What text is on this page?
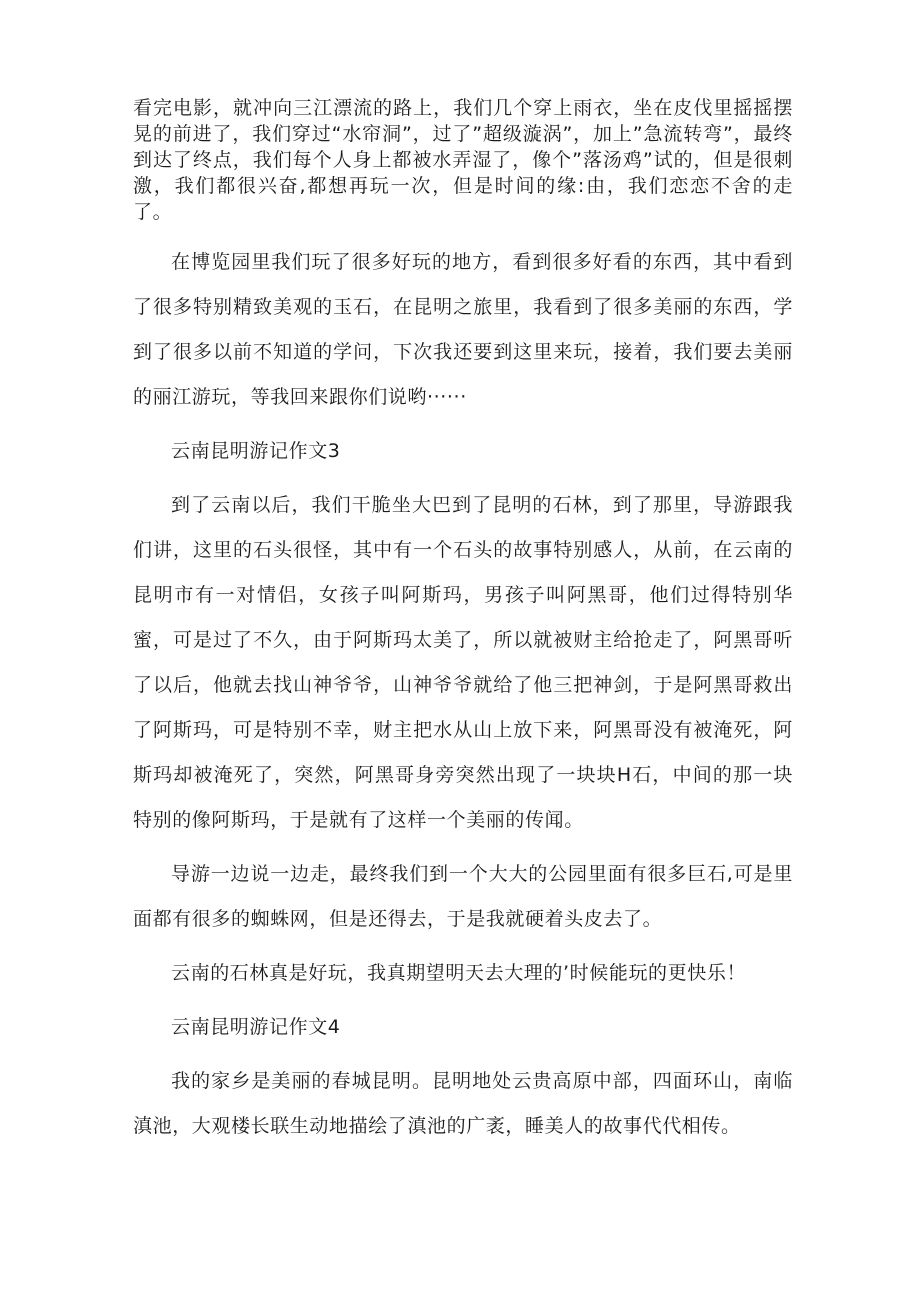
看完电影，就冲向三江漂流的路上，我们几个穿上雨衣，坐在皮伐里摇摇摆晃的前进了，我们穿过“水帘洞”，过了”超级漩涡”，加上”急流转弯”，最终到达了终点，我们每个人身上都被水弄湿了，像个”落汤鸡”试的，但是很刺激，我们都很兴奋,都想再玩一次，但是时间的缘:由，我们恋恋不舍的走了。

在博览园里我们玩了很多好玩的地方，看到很多好看的东西，其中看到了很多特别精致美观的玉石，在昆明之旅里，我看到了很多美丽的东西，学到了很多以前不知道的学问，下次我还要到这里来玩，接着，我们要去美丽的丽江游玩，等我回来跟你们说哟······

云南昆明游记作文3

到了云南以后，我们干脆坐大巴到了昆明的石林，到了那里，导游跟我们讲，这里的石头很怪，其中有一个石头的故事特别感人，从前，在云南的昆明市有一对情侣，女孩子叫阿斯玛，男孩子叫阿黑哥，他们过得特别华蜜，可是过了不久，由于阿斯玛太美了，所以就被财主给抢走了，阿黑哥听了以后，他就去找山神爷爷，山神爷爷就给了他三把神剑，于是阿黑哥救出了阿斯玛，可是特别不幸，财主把水从山上放下来，阿黑哥没有被淹死，阿斯玛却被淹死了，突然，阿黑哥身旁突然出现了一块块H石，中间的那一块特别的像阿斯玛，于是就有了这样一个美丽的传闻。

导游一边说一边走，最终我们到一个大大的公园里面有很多巨石,可是里面都有很多的蜘蛛网，但是还得去，于是我就硬着头皮去了。

云南的石林真是好玩，我真期望明天去大理的’时候能玩的更快乐！

云南昆明游记作文4

我的家乡是美丽的春城昆明。昆明地处云贵高原中部，四面环山，南临滇池，大观楼长联生动地描绘了滇池的广袤，睡美人的故事代代相传。
